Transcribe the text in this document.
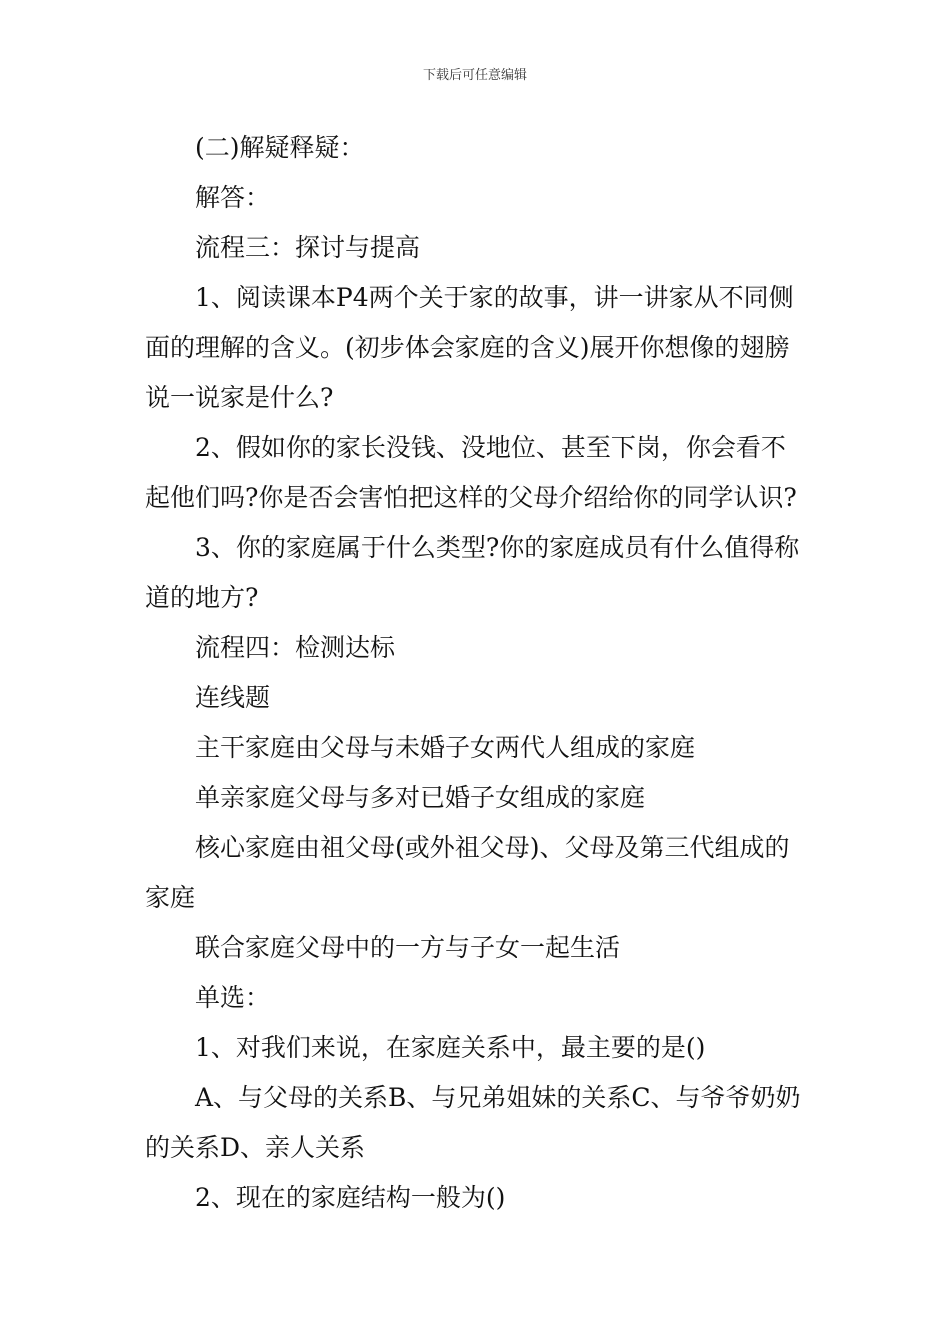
下载后可任意编辑

(二)解疑释疑：

解答：

流程三：探讨与提高

1、阅读课本P4两个关于家的故事，讲一讲家从不同侧面的理解的含义。(初步体会家庭的含义)展开你想像的翅膀说一说家是什么?

2、假如你的家长没钱、没地位、甚至下岗，你会看不起他们吗?你是否会害怕把这样的父母介绍给你的同学认识?

3、你的家庭属于什么类型?你的家庭成员有什么值得称道的地方?

流程四：检测达标

连线题

主干家庭由父母与未婚子女两代人组成的家庭

单亲家庭父母与多对已婚子女组成的家庭

核心家庭由祖父母(或外祖父母)、父母及第三代组成的家庭

联合家庭父母中的一方与子女一起生活

单选：

1、对我们来说，在家庭关系中，最主要的是()

A、与父母的关系B、与兄弟姐妹的关系C、与爷爷奶奶的关系D、亲人关系

2、现在的家庭结构一般为()
